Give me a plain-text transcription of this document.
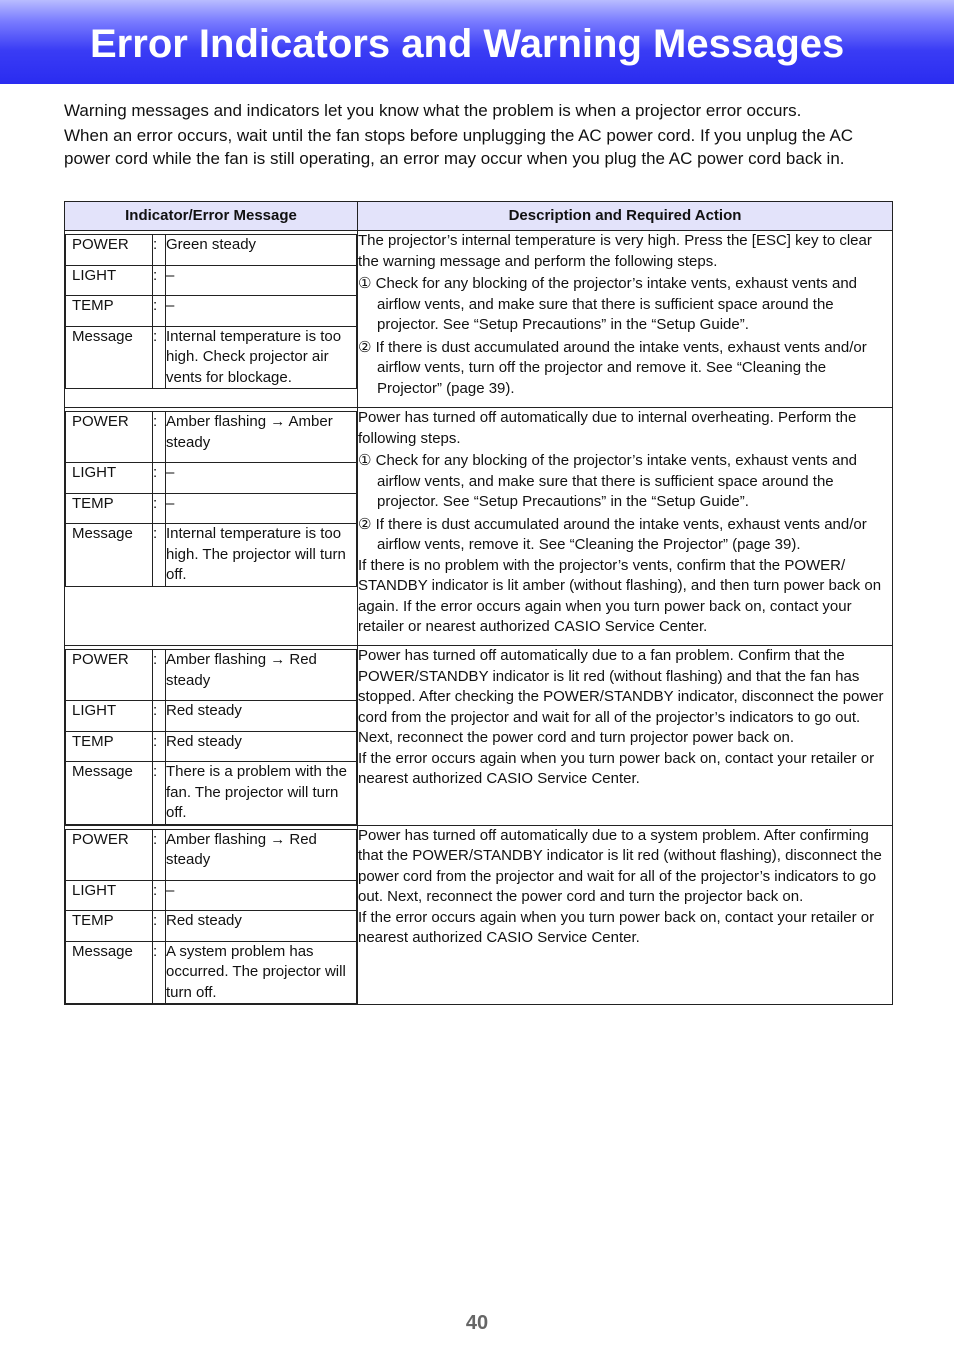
Error Indicators and Warning Messages

Warning messages and indicators let you know what the problem is when a projector error occurs.

When an error occurs, wait until the fan stops before unplugging the AC power cord. If you unplug the AC power cord while the fan is still operating, an error may occur when you plug the AC power cord back in.

Indicator/Error Message	Description and Required Action

POWER	:	Green steady
LIGHT	:	–
TEMP	:	–
Message	:	Internal temperature is too high. Check projector air vents for blockage.

The projector’s internal temperature is very high. Press the [ESC] key to clear the warning message and perform the following steps.

① Check for any blocking of the projector’s intake vents, exhaust vents and airflow vents, and make sure that there is sufficient space around the projector. See “Setup Precautions” in the “Setup Guide”.

② If there is dust accumulated around the intake vents, exhaust vents and/or airflow vents, turn off the projector and remove it. See “Cleaning the Projector” (page 39).

POWER	:	Amber flashing → Amber steady
LIGHT	:	–
TEMP	:	–
Message	:	Internal temperature is too high. The projector will turn off.

Power has turned off automatically due to internal overheating. Perform the following steps.

① Check for any blocking of the projector’s intake vents, exhaust vents and airflow vents, and make sure that there is sufficient space around the projector. See “Setup Precautions” in the “Setup Guide”.

② If there is dust accumulated around the intake vents, exhaust vents and/or airflow vents, remove it. See “Cleaning the Projector” (page 39).

If there is no problem with the projector’s vents, confirm that the POWER/ STANDBY indicator is lit amber (without flashing), and then turn power back on again. If the error occurs again when you turn power back on, contact your retailer or nearest authorized CASIO Service Center.

POWER	:	Amber flashing → Red steady
LIGHT	:	Red steady
TEMP	:	Red steady
Message	:	There is a problem with the fan. The projector will turn off.

Power has turned off automatically due to a fan problem. Confirm that the POWER/STANDBY indicator is lit red (without flashing) and that the fan has stopped. After checking the POWER/STANDBY indicator, disconnect the power cord from the projector and wait for all of the projector’s indicators to go out. Next, reconnect the power cord and turn projector power back on.

If the error occurs again when you turn power back on, contact your retailer or nearest authorized CASIO Service Center.

POWER	:	Amber flashing → Red steady
LIGHT	:	–
TEMP	:	Red steady
Message	:	A system problem has occurred. The projector will turn off.

Power has turned off automatically due to a system problem. After confirming that the POWER/STANDBY indicator is lit red (without flashing), disconnect the power cord from the projector and wait for all of the projector’s indicators to go out. Next, reconnect the power cord and turn the projector back on.

If the error occurs again when you turn power back on, contact your retailer or nearest authorized CASIO Service Center.

40
